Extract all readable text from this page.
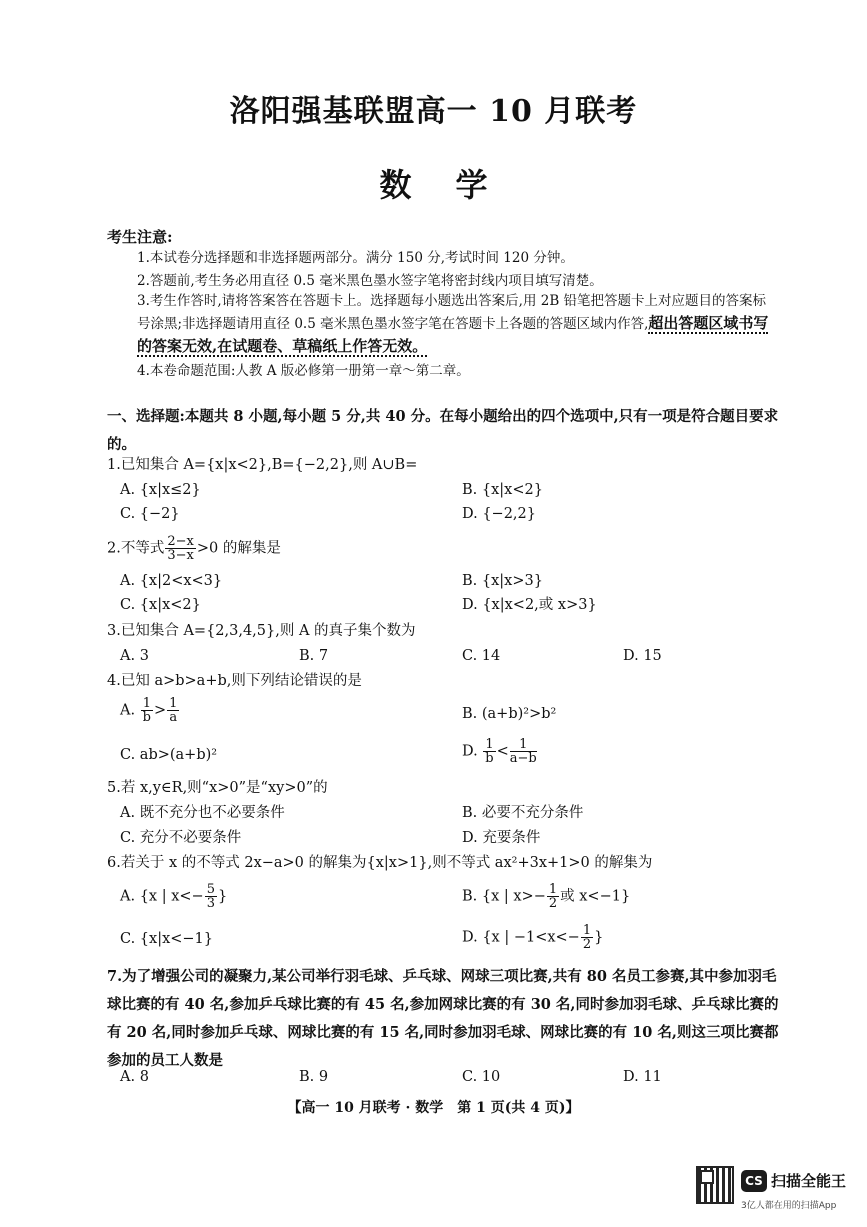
洛阳强基联盟高一 10 月联考
数学
考生注意:
1.本试卷分选择题和非选择题两部分。满分 150 分,考试时间 120 分钟。
2.答题前,考生务必用直径 0.5 毫米黑色墨水签字笔将密封线内项目填写清楚。
3.考生作答时,请将答案答在答题卡上。选择题每小题选出答案后,用 2B 铅笔把答题卡上对应题目的答案标号涂黑;非选择题请用直径 0.5 毫米黑色墨水签字笔在答题卡上各题的答题区域内作答,超出答题区域书写的答案无效,在试题卷、草稿纸上作答无效。
4.本卷命题范围:人教 A 版必修第一册第一章～第二章。
一、选择题:本题共 8 小题,每小题 5 分,共 40 分。在每小题给出的四个选项中,只有一项是符合题目要求的。
1.已知集合 A={x|x<2},B={−2,2},则 A∪B=
A. {x|x≤2}	B. {x|x<2}
C. {−2}	D. {−2,2}
2.不等式 $\frac{2-x}{3-x} >0$ 的解集是
A. {x|2<x<3}	B. {x|x>3}
C. {x|x<2}	D. {x|x<2,或 x>3}
3.已知集合 A={2,3,4,5},则 A 的真子集个数为
A. 3	B. 7	C. 14	D. 15
4.已知 a>b>a+b,则下列结论错误的是
A. $\frac{1}{b} > \frac{1}{a}$	B. (a+b)²>b²
C. ab>(a+b)²	D. $\frac{1}{b} < \frac{1}{a-b}$
5.若 x,y∈R,则“x>0”是“xy>0”的
A. 既不充分也不必要条件	B. 必要不充分条件
C. 充分不必要条件	D. 充要条件
6.若关于 x 的不等式 2x−a>0 的解集为{x|x>1},则不等式 ax²+3x+1>0 的解集为
A. {x | $x<- \frac{5}{3}$ }	B. {x | $x>- \frac{1}{2}$ 或 x<−1}
C. {x|x<−1}	D. {x | $-1<x<- \frac{1}{2}$ }
7.为了增强公司的凝聚力,某公司举行羽毛球、乒乓球、网球三项比赛,共有 80 名员工参赛,其中参加羽毛球比赛的有 40 名,参加乒乓球比赛的有 45 名,参加网球比赛的有 30 名,同时参加羽毛球、乒乓球比赛的有 20 名,同时参加乒乓球、网球比赛的有 15 名,同时参加羽毛球、网球比赛的有 10 名,则这三项比赛都参加的员工人数是
A. 8	B. 9	C. 10	D. 11
【高一 10 月联考 · 数学　第 1 页(共 4 页)】
CS 扫描全能王
3亿人都在用的扫描App
